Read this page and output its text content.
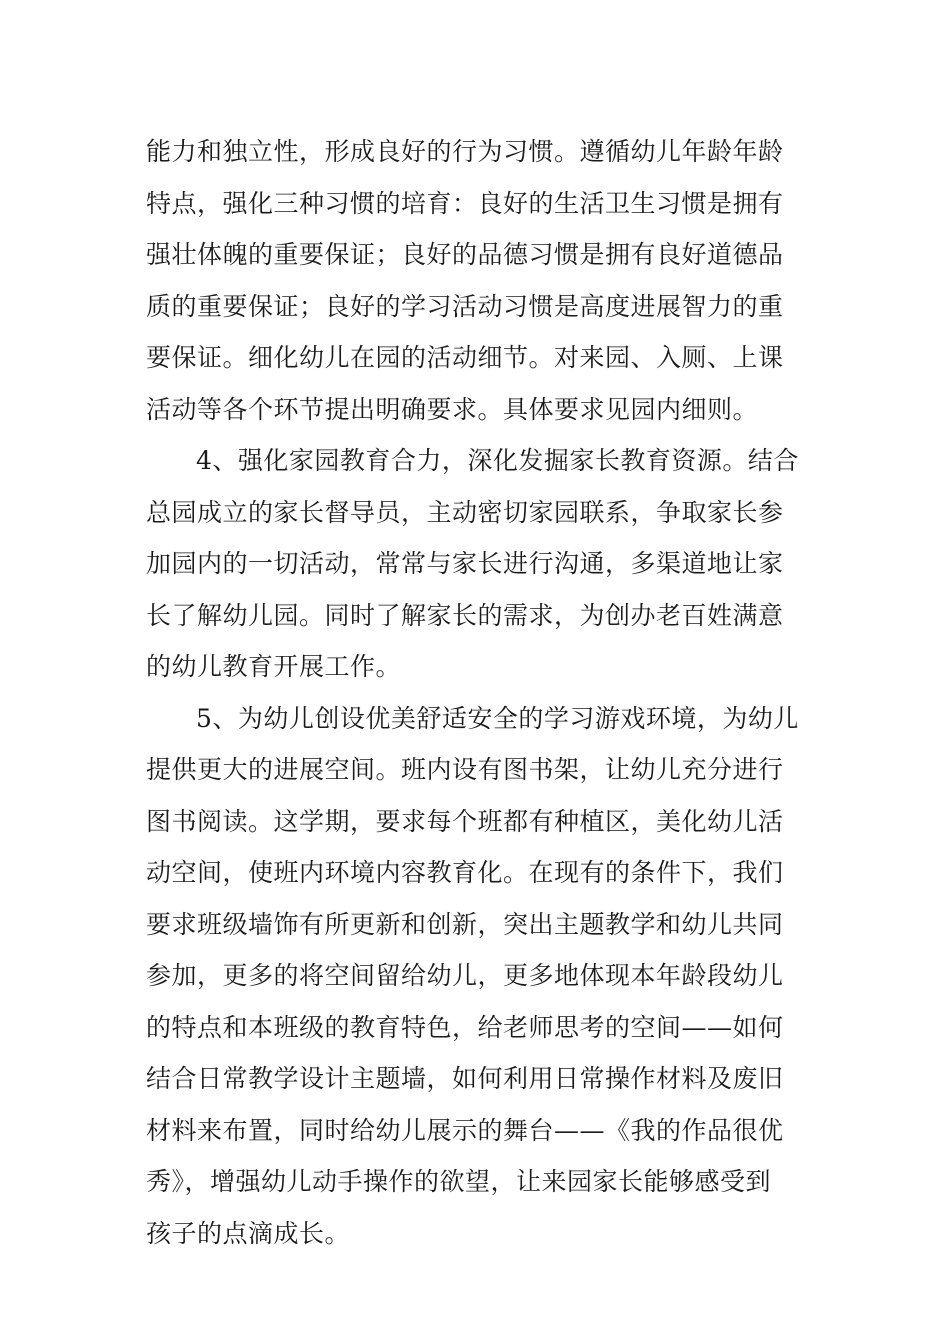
能力和独立性，形成良好的行为习惯。遵循幼儿年龄年龄
特点，强化三种习惯的培育：良好的生活卫生习惯是拥有
强壮体魄的重要保证；良好的品德习惯是拥有良好道德品
质的重要保证；良好的学习活动习惯是高度进展智力的重
要保证。细化幼儿在园的活动细节。对来园、入厕、上课
活动等各个环节提出明确要求。具体要求见园内细则。
4、强化家园教育合力，深化发掘家长教育资源。结合
总园成立的家长督导员，主动密切家园联系，争取家长参
加园内的一切活动，常常与家长进行沟通，多渠道地让家
长了解幼儿园。同时了解家长的需求，为创办老百姓满意
的幼儿教育开展工作。
5、为幼儿创设优美舒适安全的学习游戏环境，为幼儿
提供更大的进展空间。班内设有图书架，让幼儿充分进行
图书阅读。这学期，要求每个班都有种植区，美化幼儿活
动空间，使班内环境内容教育化。在现有的条件下，我们
要求班级墙饰有所更新和创新，突出主题教学和幼儿共同
参加，更多的将空间留给幼儿，更多地体现本年龄段幼儿
的特点和本班级的教育特色，给老师思考的空间——如何
结合日常教学设计主题墙，如何利用日常操作材料及废旧
材料来布置，同时给幼儿展示的舞台——《我的作品很优
秀》，增强幼儿动手操作的欲望，让来园家长能够感受到
孩子的点滴成长。
